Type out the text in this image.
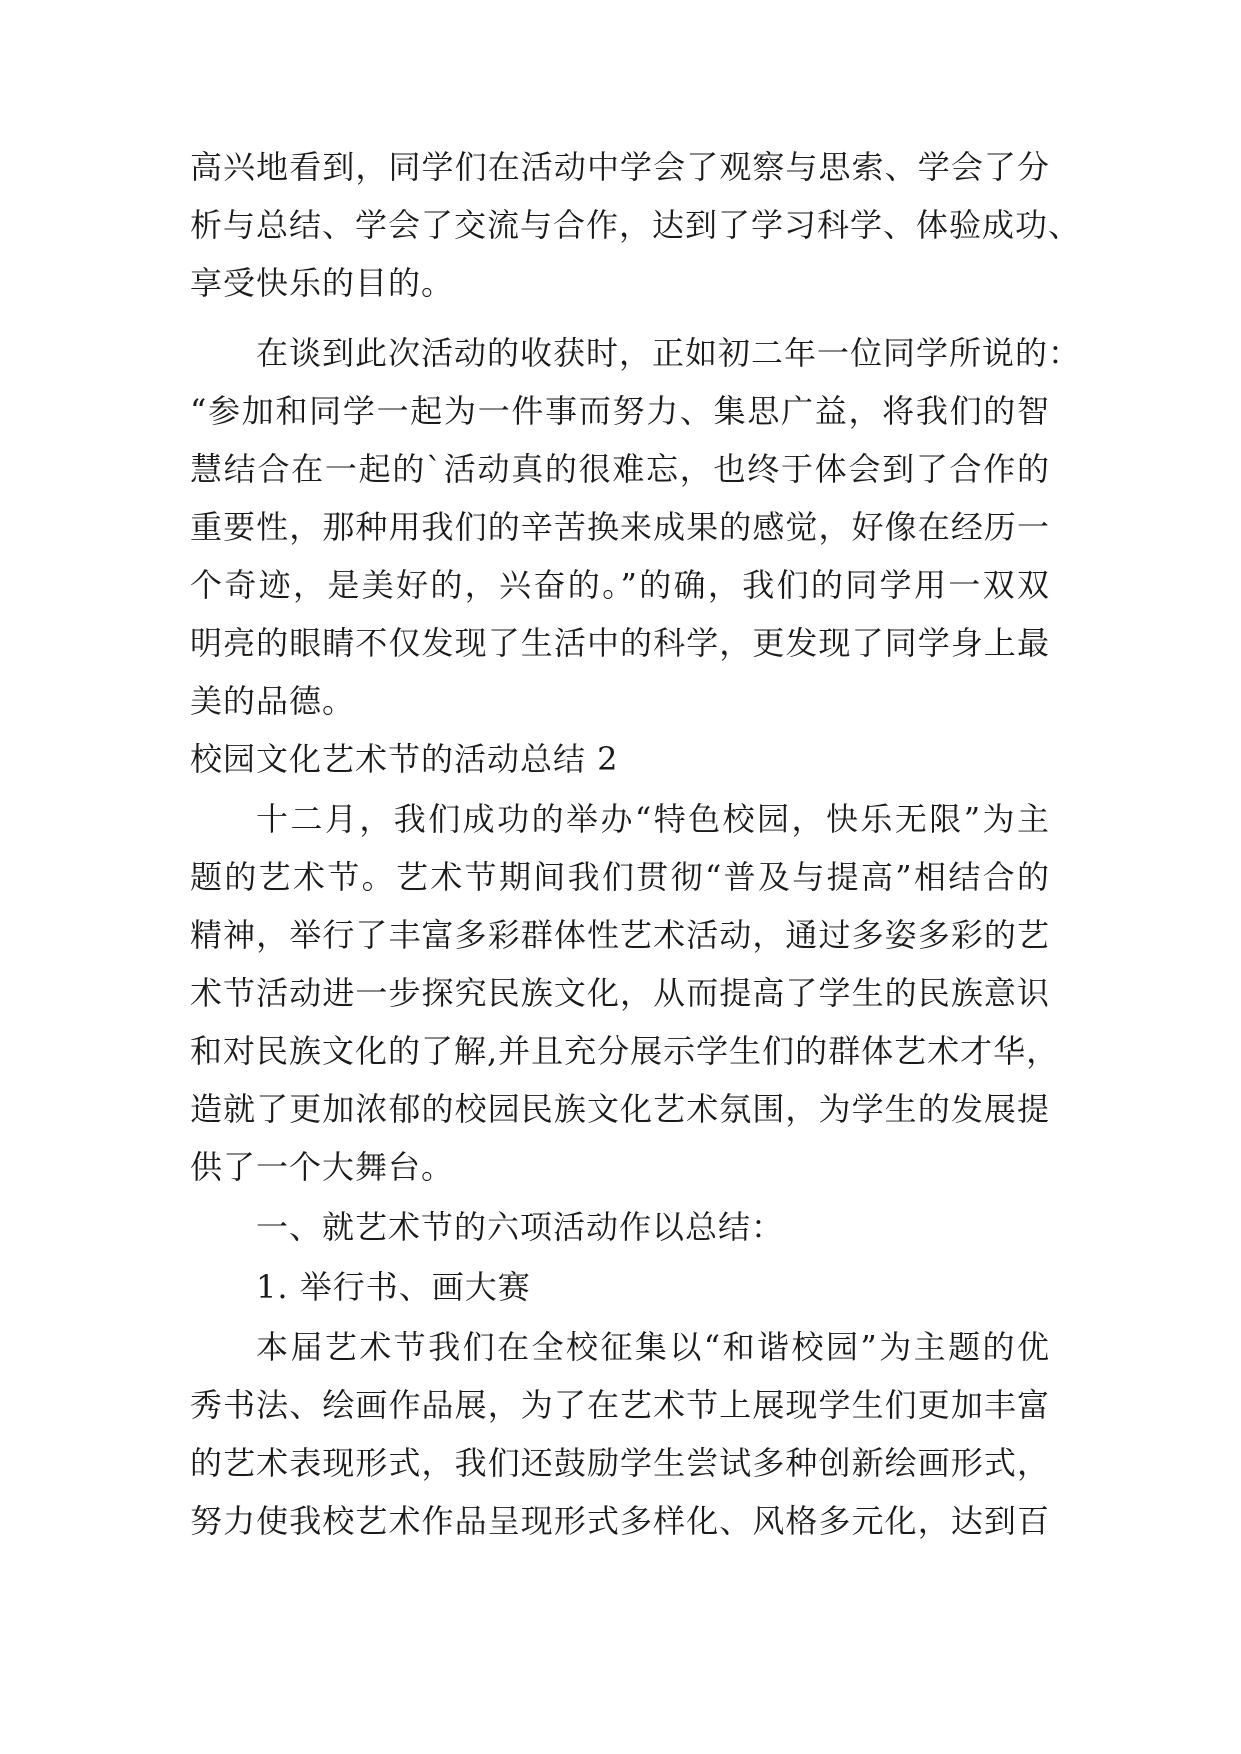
高兴地看到，同学们在活动中学会了观察与思索、学会了分
析与总结、学会了交流与合作，达到了学习科学、体验成功、
享受快乐的目的。
在谈到此次活动的收获时，正如初二年一位同学所说的：
“参加和同学一起为一件事而努力、集思广益，将我们的智
慧结合在一起的`活动真的很难忘，也终于体会到了合作的
重要性，那种用我们的辛苦换来成果的感觉，好像在经历一
个奇迹，是美好的，兴奋的。”的确，我们的同学用一双双
明亮的眼睛不仅发现了生活中的科学，更发现了同学身上最
美的品德。
校园文化艺术节的活动总结 2
十二月，我们成功的举办“特色校园，快乐无限”为主
题的艺术节。艺术节期间我们贯彻“普及与提高”相结合的
精神，举行了丰富多彩群体性艺术活动，通过多姿多彩的艺
术节活动进一步探究民族文化，从而提高了学生的民族意识
和对民族文化的了解,并且充分展示学生们的群体艺术才华，
造就了更加浓郁的校园民族文化艺术氛围，为学生的发展提
供了一个大舞台。
一、就艺术节的六项活动作以总结：
1. 举行书、画大赛
本届艺术节我们在全校征集以“和谐校园”为主题的优
秀书法、绘画作品展，为了在艺术节上展现学生们更加丰富
的艺术表现形式，我们还鼓励学生尝试多种创新绘画形式，
努力使我校艺术作品呈现形式多样化、风格多元化，达到百
